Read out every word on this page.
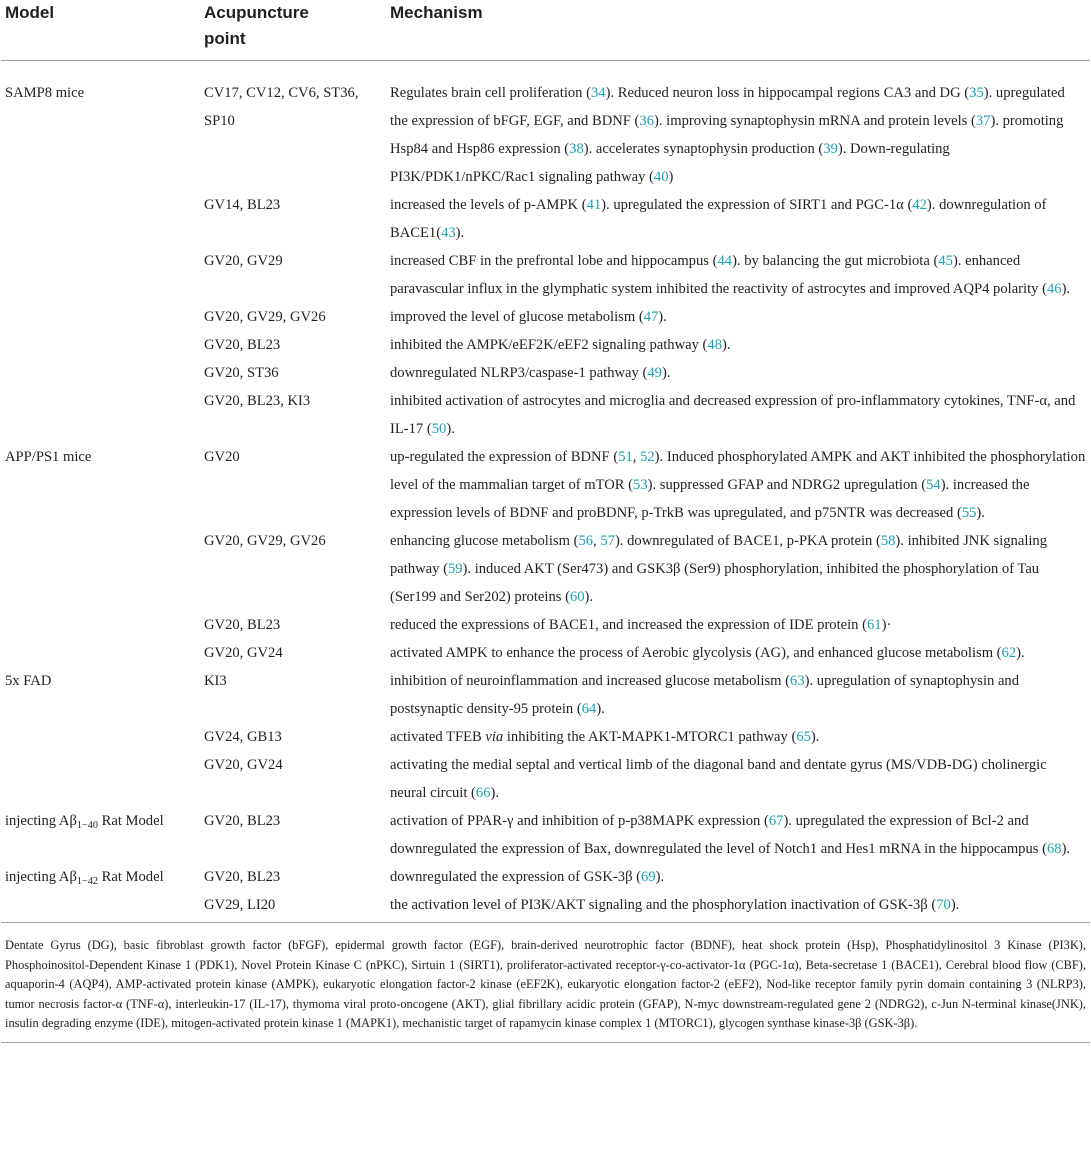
Model	Acupuncture point	Mechanism
SAMP8 mice	CV17, CV12, CV6, ST36, SP10	Regulates brain cell proliferation (34). Reduced neuron loss in hippocampal regions CA3 and DG (35). upregulated the expression of bFGF, EGF, and BDNF (36). improving synaptophysin mRNA and protein levels (37). promoting Hsp84 and Hsp86 expression (38). accelerates synaptophysin production (39). Down-regulating PI3K/PDK1/nPKC/Rac1 signaling pathway (40)
	GV14, BL23	increased the levels of p-AMPK (41). upregulated the expression of SIRT1 and PGC-1α (42). downregulation of BACE1(43).
	GV20, GV29	increased CBF in the prefrontal lobe and hippocampus (44). by balancing the gut microbiota (45). enhanced paravascular influx in the glymphatic system inhibited the reactivity of astrocytes and improved AQP4 polarity (46).
	GV20, GV29, GV26	improved the level of glucose metabolism (47).
	GV20, BL23	inhibited the AMPK/eEF2K/eEF2 signaling pathway (48).
	GV20, ST36	downregulated NLRP3/caspase-1 pathway (49).
	GV20, BL23, KI3	inhibited activation of astrocytes and microglia and decreased expression of pro-inflammatory cytokines, TNF-α, and IL-17 (50).
APP/PS1 mice	GV20	up-regulated the expression of BDNF (51, 52). Induced phosphorylated AMPK and AKT inhibited the phosphorylation level of the mammalian target of mTOR (53). suppressed GFAP and NDRG2 upregulation (54). increased the expression levels of BDNF and proBDNF, p-TrkB was upregulated, and p75NTR was decreased (55).
	GV20, GV29, GV26	enhancing glucose metabolism (56, 57). downregulated of BACE1, p-PKA protein (58). inhibited JNK signaling pathway (59). induced AKT (Ser473) and GSK3β (Ser9) phosphorylation, inhibited the phosphorylation of Tau (Ser199 and Ser202) proteins (60).
	GV20, BL23	reduced the expressions of BACE1, and increased the expression of IDE protein (61)·
	GV20, GV24	activated AMPK to enhance the process of Aerobic glycolysis (AG), and enhanced glucose metabolism (62).
5x FAD	KI3	inhibition of neuroinflammation and increased glucose metabolism (63). upregulation of synaptophysin and postsynaptic density-95 protein (64).
	GV24, GB13	activated TFEB via inhibiting the AKT-MAPK1-MTORC1 pathway (65).
	GV20, GV24	activating the medial septal and vertical limb of the diagonal band and dentate gyrus (MS/VDB-DG) cholinergic neural circuit (66).
injecting $A\beta_{1-40}$ Rat Model	GV20, BL23	activation of PPAR-γ and inhibition of p-p38MAPK expression (67). upregulated the expression of Bcl-2 and downregulated the expression of Bax, downregulated the level of Notch1 and Hes1 mRNA in the hippocampus (68).
injecting $A\beta_{1-42}$ Rat Model	GV20, BL23	downregulated the expression of GSK-3β (69).
	GV29, LI20	the activation level of PI3K/AKT signaling and the phosphorylation inactivation of GSK-3β (70).
Dentate Gyrus (DG), basic fibroblast growth factor (bFGF), epidermal growth factor (EGF), brain-derived neurotrophic factor (BDNF), heat shock protein (Hsp), Phosphatidylinositol 3 Kinase (PI3K), Phosphoinositol-Dependent Kinase 1 (PDK1), Novel Protein Kinase C (nPKC), Sirtuin 1 (SIRT1), proliferator-activated receptor-γ-co-activator-1α (PGC-1α), Beta-secretase 1 (BACE1), Cerebral blood flow (CBF), aquaporin-4 (AQP4), AMP-activated protein kinase (AMPK), eukaryotic elongation factor-2 kinase (eEF2K), eukaryotic elongation factor-2 (eEF2), Nod-like receptor family pyrin domain containing 3 (NLRP3), tumor necrosis factor-α (TNF-α), interleukin-17 (IL-17), thymoma viral proto-oncogene (AKT), glial fibrillary acidic protein (GFAP), N-myc downstream-regulated gene 2 (NDRG2), c-Jun N-terminal kinase(JNK), insulin degrading enzyme (IDE), mitogen-activated protein kinase 1 (MAPK1), mechanistic target of rapamycin kinase complex 1 (MTORC1), glycogen synthase kinase-3β (GSK-3β).
